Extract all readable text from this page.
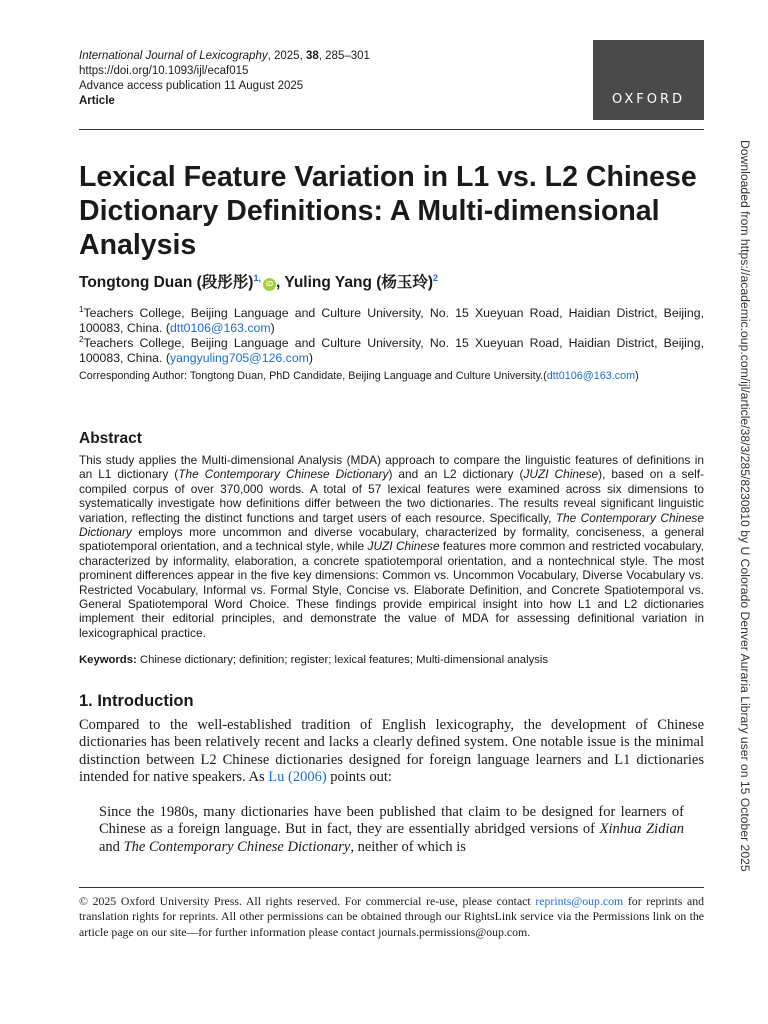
International Journal of Lexicography, 2025, 38, 285–301
https://doi.org/10.1093/ijl/ecaf015
Advance access publication 11 August 2025
Article	OXFORD
Lexical Feature Variation in L1 vs. L2 Chinese Dictionary Definitions: A Multi-dimensional Analysis
Tongtong Duan (段彤彤)$^{1,}$iD , Yuling Yang (杨玉玲)$^2$
$^1$Teachers College, Beijing Language and Culture University, No. 15 Xueyuan Road, Haidian District, Beijing, 100083, China. (dtt0106@163.com)
$^2$Teachers College, Beijing Language and Culture University, No. 15 Xueyuan Road, Haidian District, Beijing, 100083, China. (yangyuling705@126.com)
Corresponding Author: Tongtong Duan, PhD Candidate, Beijing Language and Culture University.(dtt0106@163.com)
Abstract
This study applies the Multi-dimensional Analysis (MDA) approach to compare the linguistic features of definitions in an L1 dictionary (The Contemporary Chinese Dictionary) and an L2 dictionary (JUZI Chinese), based on a self-compiled corpus of over 370,000 words. A total of 57 lexical features were examined across six dimensions to systematically investigate how definitions differ between the two dictionaries. The results reveal significant linguistic variation, reflecting the distinct functions and target users of each resource. Specifically, The Contemporary Chinese Dictionary employs more uncommon and diverse vocabulary, characterized by formality, conciseness, a general spatiotemporal orientation, and a technical style, while JUZI Chinese features more common and restricted vocabulary, characterized by informality, elaboration, a concrete spatiotemporal orientation, and a nontechnical style. The most prominent differences appear in the five key dimensions: Common vs. Uncommon Vocabulary, Diverse Vocabulary vs. Restricted Vocabulary, Informal vs. Formal Style, Concise vs. Elaborate Definition, and Concrete Spatiotemporal vs. General Spatiotemporal Word Choice. These findings provide empirical insight into how L1 and L2 dictionaries implement their editorial principles, and demonstrate the value of MDA for assessing definitional variation in lexicographical practice.
Keywords: Chinese dictionary; definition; register; lexical features; Multi-dimensional analysis
1. Introduction
Compared to the well-established tradition of English lexicography, the development of Chinese dictionaries has been relatively recent and lacks a clearly defined system. One notable issue is the minimal distinction between L2 Chinese dictionaries designed for foreign language learners and L1 dictionaries intended for native speakers. As Lu (2006) points out:
Since the 1980s, many dictionaries have been published that claim to be designed for learners of Chinese as a foreign language. But in fact, they are essentially abridged versions of Xinhua Zidian and The Contemporary Chinese Dictionary, neither of which is
© 2025 Oxford University Press. All rights reserved. For commercial re-use, please contact reprints@oup.com for reprints and translation rights for reprints. All other permissions can be obtained through our RightsLink service via the Permissions link on the article page on our site—for further information please contact journals.permissions@oup.com.
Downloaded from https://academic.oup.com/ijl/article/38/3/285/8230810 by U Colorado Denver Auraria Library user on 15 October 2025
